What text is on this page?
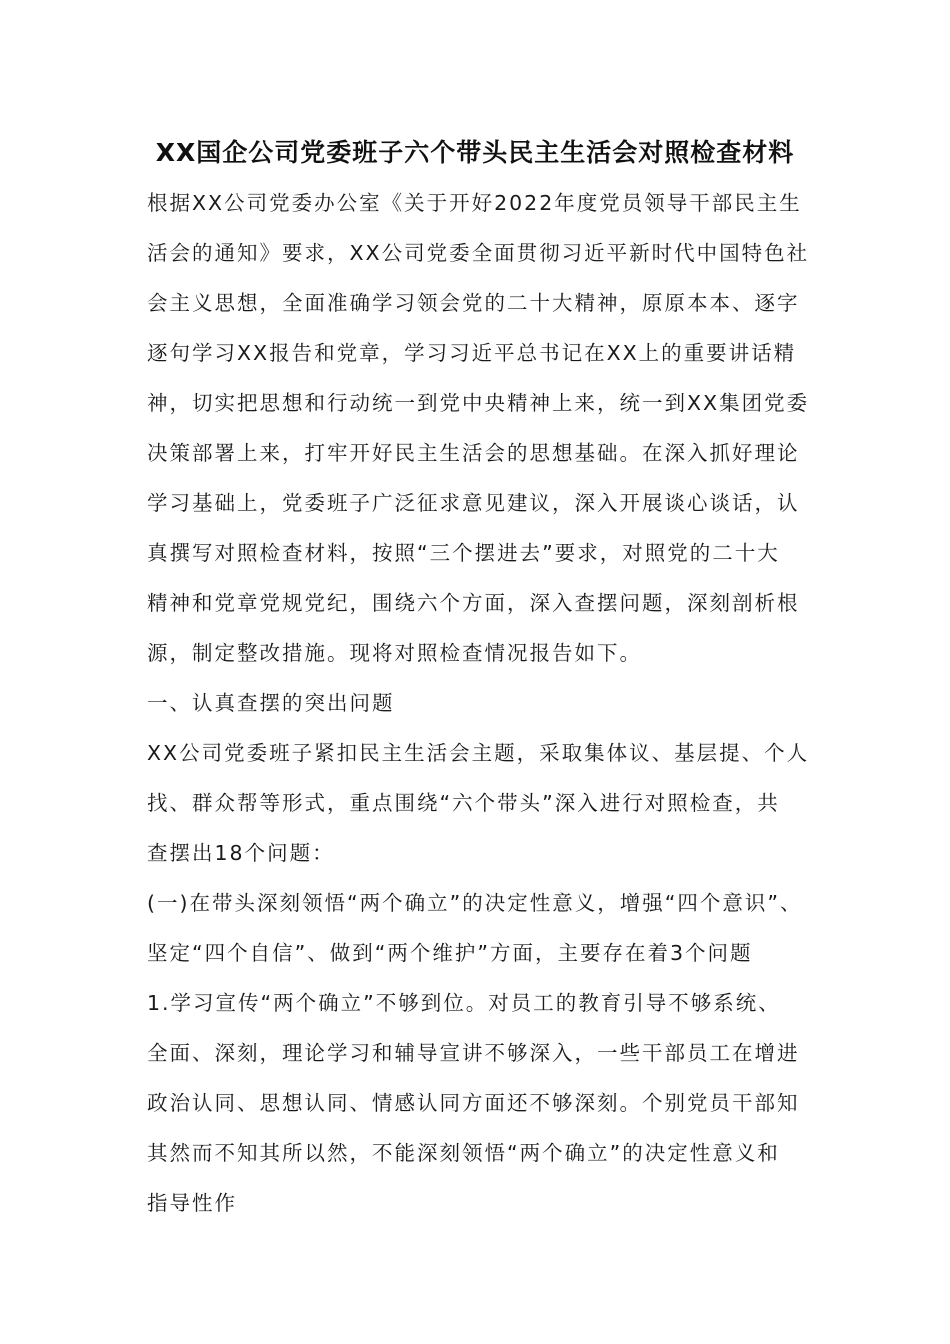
XX国企公司党委班子六个带头民主生活会对照检查材料
根据XX公司党委办公室《关于开好2022年度党员领导干部民主生
活会的通知》要求，XX公司党委全面贯彻习近平新时代中国特色社
会主义思想，全面准确学习领会党的二十大精神，原原本本、逐字
逐句学习XX报告和党章，学习习近平总书记在XX上的重要讲话精
神，切实把思想和行动统一到党中央精神上来，统一到XX集团党委
决策部署上来，打牢开好民主生活会的思想基础。在深入抓好理论
学习基础上，党委班子广泛征求意见建议，深入开展谈心谈话，认
真撰写对照检查材料，按照“三个摆进去”要求，对照党的二十大
精神和党章党规党纪，围绕六个方面，深入查摆问题，深刻剖析根
源，制定整改措施。现将对照检查情况报告如下。
一、认真查摆的突出问题
XX公司党委班子紧扣民主生活会主题，采取集体议、基层提、个人
找、群众帮等形式，重点围绕“六个带头”深入进行对照检查，共
查摆出18个问题：
(一)在带头深刻领悟“两个确立”的决定性意义，增强“四个意识”、
坚定“四个自信”、做到“两个维护”方面，主要存在着3个问题
1.学习宣传“两个确立”不够到位。对员工的教育引导不够系统、
全面、深刻，理论学习和辅导宣讲不够深入，一些干部员工在增进
政治认同、思想认同、情感认同方面还不够深刻。个别党员干部知
其然而不知其所以然，不能深刻领悟“两个确立”的决定性意义和
指导性作
